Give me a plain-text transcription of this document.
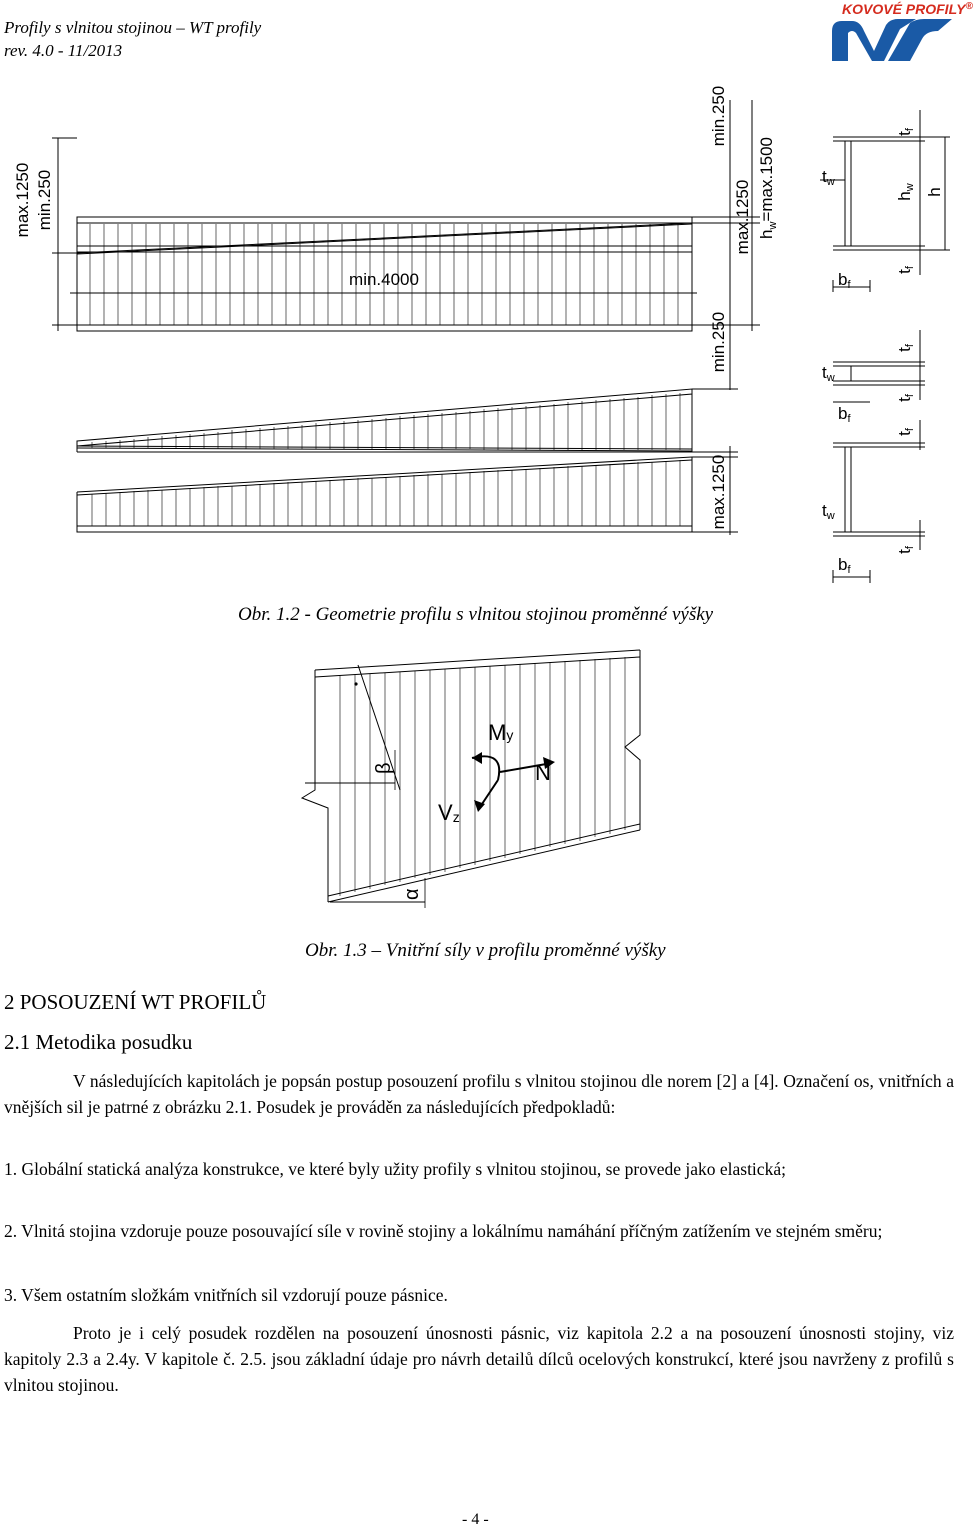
Profily s vlnitou stojinou – WT profily
rev. 4.0 - 11/2013
KOVOVÉ PROFILY®
max.1250 min.250
min.4000
min.250
max.1250 $h_w=\max.1500$	tw
bf
tf
hw h
tf
min.250
max.1250
tw
bf
tw
bf
tf
tf
tf
tf
Obr. 1.2 - Geometrie profilu s vlnitou stojinou proměnné výšky
My
N
Vz
β
α
Obr. 1.3 – Vnitřní síly v profilu proměnné výšky
2 POSOUZENÍ WT PROFILŮ
2.1 Metodika posudku
V následujících kapitolách je popsán postup posouzení profilu s vlnitou stojinou dle norem [2] a [4]. Označení os, vnitřních a vnějších sil je patrné z obrázku 2.1. Posudek je prováděn za následujících předpokladů:
1. Globální statická analýza konstrukce, ve které byly užity profily s vlnitou stojinou, se provede jako elastická;
2. Vlnitá stojina vzdoruje pouze posouvající síle v rovině stojiny a lokálnímu namáhání příčným zatížením ve stejném směru;
3. Všem ostatním složkám vnitřních sil vzdorují pouze pásnice.
Proto je i celý posudek rozdělen na posouzení únosnosti pásnic, viz kapitola 2.2 a na posouzení únosnosti stojiny, viz kapitoly 2.3 a 2.4y. V kapitole č. 2.5. jsou základní údaje pro návrh detailů dílců ocelových konstrukcí, které jsou navrženy z profilů s vlnitou stojinou.
- 4 -
